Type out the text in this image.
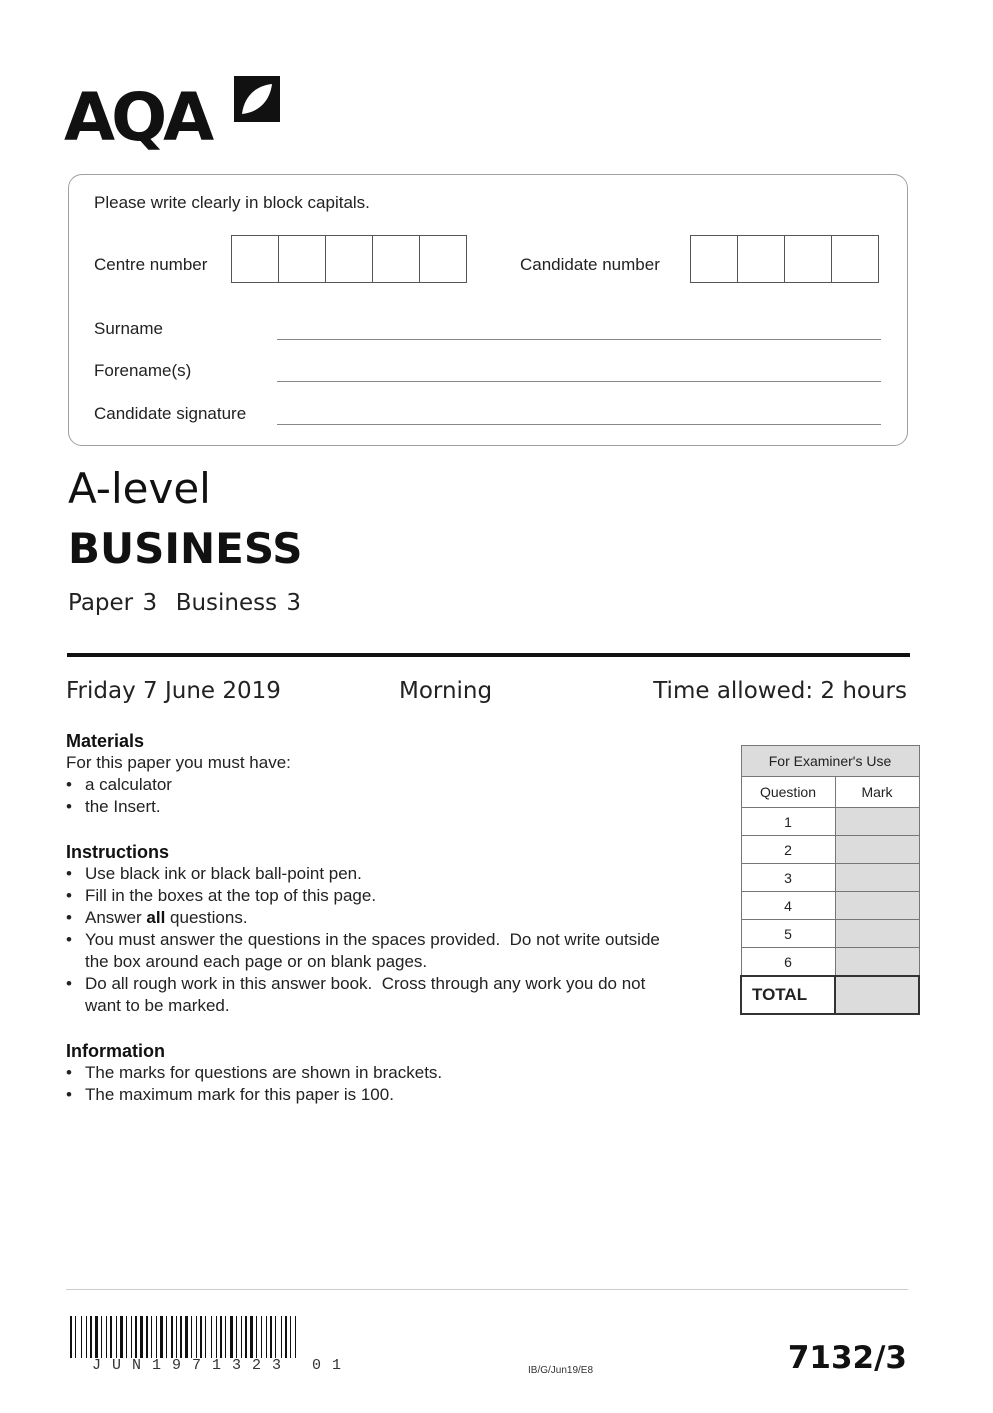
AQA
Please write clearly in block capitals.
Centre number	Candidate number
Surname
Forename(s)
Candidate signature
A-level
BUSINESS
Paper 3  Business 3
Friday 7 June 2019	Morning	Time allowed: 2 hours
Materials
For this paper you must have:
• a calculator
• the Insert.
Instructions
• Use black ink or black ball-point pen.
• Fill in the boxes at the top of this page.
• Answer all questions.
• You must answer the questions in the spaces provided.  Do not write outside the box around each page or on blank pages.
• Do all rough work in this answer book.  Cross through any work you do not want to be marked.
Information
• The marks for questions are shown in brackets.
• The maximum mark for this paper is 100.
For Examiner's Use	
Question	Mark
1	
2	
3	
4	
5	
6	
TOTAL	
JUN1971323 01	IB/G/Jun19/E8	7132/3
